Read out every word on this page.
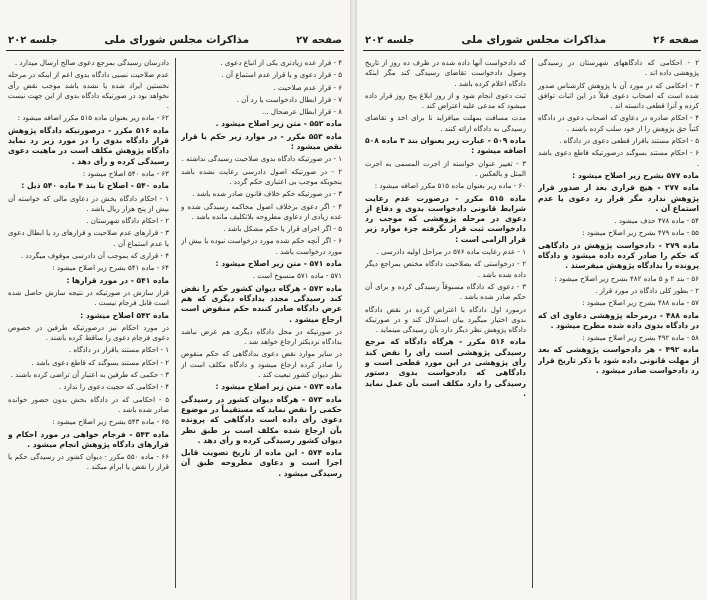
صفحه ۲۷
مذاکرات مجلس شورای ملی
جلسه ۲۰۲

۴ - فرار عده زیادتری یکی از اتباع دعوی .

۵ - قرار دعوی و یا قرار عدم استماع آن .

۶ - قرار عدم صلاحیت .

۷ - قرار ابطال دادخواست یا رد آن .

۸ - قرار ابطال عرضحال ...

ماده ۵۵۲ - متن زیر اصلاح میشود .

ماده ۵۵۳ مکرر - در موارد زیر حکم یا قرار نقض میشود :

۱ - در صورتیکه دادگاه بدوی صلاحیت رسیدگی نداشته .

۲ - در صورتیکه اصول دادرسی رعایت نشده باشد بنحویکه موجب بی اعتباری حکم گردد .

۳ - در صورتیکه حکم خلاف قانون صادر شده باشد .

۴ - اگر دعوی برخلاف اصول محاکمه رسیدگی شده و عده زیادی از دعاوی مطروحه بلاتکلیف مانده باشد .

۵ - اگر اجرای قرار یا حکم مشکل باشد .

۶ - اگر آنچه حکم شده مورد درخواست نبوده یا بیش از مورد درخواست باشد .

ماده ۵۷۱ - متن زیر اصلاح میشود :

۵۷۱ - ماده ۵۷۱ منسوخ است .

ماده ۵۷۲ - هرگاه دیوان کشور حکم را نقض کند رسیدگی مجدد بدادگاه دیگری که هم عرض دادگاه صادر کننده حکم منقوض است ارجاع میشود .

در صورتیکه در محل دادگاه دیگری هم عرض نباشد بدادگاه نزدیکتر ارجاع خواهد شد .

در سایر موارد نقض دعوی بدادگاهی که حکم منقوض را صادر کرده ارجاع میشود و دادگاه مکلف است از نظر دیوان کشور تبعیت کند .

ماده ۵۷۳ - متن زیر اصلاح میشود :

ماده ۵۷۳ - هرگاه دیوان کشور در رسیدگی حکمی را نقض نماید که مستقیماً در موضوع دعوی رأی داده است دادگاهی که پرونده بآن ارجاع شده مکلف است بر طبق نظر دیوان کشور رسیدگی کرده و رأی دهد .

ماده ۵۷۴ - این ماده از تاریخ تصویب قابل اجرا است و دعاوی مطروحه طبق آن رسیدگی میشود .

دادرسان رسیدگی بمرجع دعوی صالح ارسال میدارد .

عدم صلاحیت نسبی دادگاه بدوی اعم از اینکه در مرحله نخستین ایراد شده یا نشده باشد موجب نقض رأی نخواهد بود در صورتیکه دادگاه بدوی از این جهت نیست .

۶۲ - ماده زیر بعنوان ماده ۵۱۵ مکرر اضافه میشود :

ماده ۵۱۶ مکرر - درصورتیکه دادگاه پژوهش قرار دادگاه بدوی را در مورد زیر رد نماید دادگاه پژوهش مکلف است در ماهیت دعوی رسیدگی کرده و رأی دهد .

۶۳ - ماده ۵۴۰ اصلاح میشود :

ماده ۵۴۰ - اصلاح تا بند ۴ ماده ۵۴۰ ذیل :

۱ - احکام دادگاه بخش در دعاوی مالی که خواسته آن بیش از پنج هزار ریال باشد .

۲ - احکام دادگاه شهرستان .

۳ - قرارهای عدم صلاحیت و قرارهای رد یا ابطال دعوی یا عدم استماع آن .

۴ - قراری که بموجب آن دادرسی موقوف میگردد .

۶۴ - ماده ۵۴۱ بشرح زیر اصلاح میشود :

ماده ۵۴۱ - در مورد قرارها :

قرار سازش در صورتیکه در نتیجه سازش حاصل شده است قابل فرجام نیست .

ماده ۵۴۲ اصلاح میشود :

در مورد احکام نیز درصورتیکه طرفین در خصوص دعوی فرجام دعوی را ساقط کرده باشند .

۱ - احکام مستند باقرار در دادگاه .

۲ - احکام مستند بسوگند که قاطع دعوی باشد .

۳ - حکمی که طرفین به اعتبار آن تراضی کرده باشند .

۴ - احکامی که حجیت دعوی را ندارد .

۵ - احکامی که در دادگاه بخش بدون حضور خوانده صادر شده باشد .

۶۵ - ماده ۵۴۳ بشرح زیر اصلاح میشود :

ماده ۵۴۳ - فرجام خواهی در مورد احکام و قرارهای دادگاه پژوهش انجام میشود .

۶۶ - ماده ۵۵۰ مکرر - دیوان کشور در رسیدگی حکم یا قرار را نقض یا ابرام میکند .

صفحه ۲۶
مذاکرات مجلس شورای ملی
جلسه ۲۰۲

۲ - احکامی که دادگاههای شهرستان در رسیدگی پژوهشی داده اند .

۳ - احکامی که در مورد آن با پژوهش کارشناس صدور شده است که اصحاب دعوی قبلاً در این اثبات توافق کرده و آنرا قطعی دانسته اند .

۴ - احکام صادره در دعاوی که اصحاب دعوی در دادگاه کتباً حق پژوهش را از خود سلب کرده باشند .

۵ - احکام مستند باقرار قطعی دعوی در دادگاه .

۶ - احکام مستند بسوگند درصورتیکه قاطع دعوی باشد .

ماده ۵۷۷ بشرح زیر اصلاح میشود :

ماده ۲۷۷ - هیچ قراری بعد از صدور قرار پژوهش ندارد مگر قرار رد دعوی یا عدم استماع آن .

۵۴ - ماده ۴۷۸ حذف میشود .

۵۵ - ماده ۴۷۹ بشرح زیر اصلاح میشود :

ماده ۲۷۹ - دادخواست پژوهش در دادگاهی که حکم را صادر کرده داده میشود و دادگاه پرونده را بدادگاه پژوهش میفرستد .

۵۶ - بند ۲ و ۵ ماده ۴۸۲ بشرح زیر اصلاح میشود :

۲ - بطور کلی دادگاه در مورد قرار .

۵۷ - ماده ۴۸۸ بشرح زیر اصلاح میشود :

ماده ۴۸۸ - درمرحله پژوهشی دعاوی ای که در دادگاه بدوی داده شده مطرح میشود .

۵۸ - ماده ۴۹۲ بشرح زیر اصلاح میشود :

ماده ۴۹۲ - هر دادخواست پژوهشی که بعد از مهلت قانونی داده شود با ذکر تاریخ قرار رد دادخواست صادر میشود .

که دادخواست آنها داده شده در ظرف ده روز از تاریخ وصول دادخواست تقاضای رسیدگی کند مگر اینکه دادگاه اعلام کرده باشد .

ثبت دعوی انجام شود و از روز ابلاغ پنج روز قرار داده میشود که مدعی علیه اعتراض کند .

مدت مسافت بمهلت میافزاید تا برای اخذ و تقاضای رسیدگی به دادگاه ارائه کنند .

ماده ۵۰۹ - عبارت زیر بعنوان بند ۳ ماده ۵۰۸ اضافه میشود :

۳ - تغییر عنوان خواسته از اجرت المسمی به اجرت المثل و بالعکس .

۶۰ - ماده زیر بعنوان ماده ۵۱۵ مکرر اضافه میشود :

ماده ۵۱۵ مکرر - درصورت عدم رعایت شرایط قانونی دادخواست بدوی و دفاع از دعوی در مرحله پژوهشی که موجب رد دادخواست ثبت قرار نگرفته جزء موارد زیر قرار الزامی است :

۱ - عدم رعایت ماده ۵۷۶ در مراحل اولیه دادرسی .

۲ - درخواستی که بصلاحیت دادگاه مختص بمراجع دیگر داده شده باشد .

۳ - دعوی که دادگاه مسبوقاً رسیدگی کرده و برای آن حکم صادر شده باشد .

درمورد اول دادگاه با اعتراض کرده در نقض دادگاه بدوی اختیار میگیرد بیان استدلال کند و در صورتیکه دادگاه پژوهش نظر دیگر دارد بآن رسیدگی مینماید .

ماده ۵۱۶ مکرر - هرگاه دادگاه که مرجع رسیدگی پژوهشی است رأی را نقض کند رأی پژوهشی در این مورد قطعی است و دادگاهی که دادخواست بدوی دستور رسیدگی را دارد مکلف است بآن عمل نماید .
